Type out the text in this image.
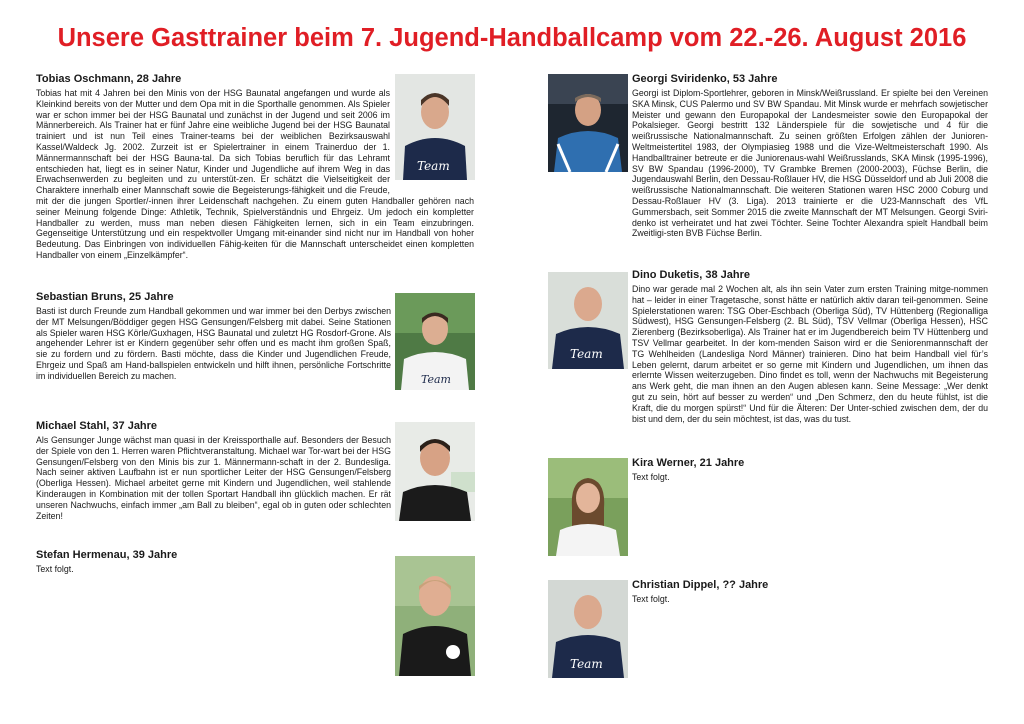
Unsere Gasttrainer beim 7. Jugend-Handballcamp vom 22.-26. August 2016

Tobias Oschmann, 28 Jahre

Tobias hat mit 4 Jahren bei den Minis von der HSG Baunatal angefangen und wurde als Kleinkind bereits von der Mutter und dem Opa mit in die Sporthalle genommen. Als Spieler war er schon immer bei der HSG Baunatal und zunächst in der Jugend und seit 2006 im Männerbereich. Als Trainer hat er fünf Jahre eine weibliche Jugend bei der HSG Baunatal trainiert und ist nun Teil eines Trainer-teams bei der weiblichen Bezirksauswahl Kassel/Waldeck Jg. 2002. Zurzeit ist er Spielertrainer in einem Trainerduo der 1. Männermannschaft bei der HSG Bauna-tal. Da sich Tobias beruflich für das Lehramt entschieden hat, liegt es in seiner Natur, Kinder und Jugendliche auf ihrem Weg in das Erwachsenwerden zu begleiten und zu unterstüt-zen. Er schätzt die Vielseitigkeit der Charaktere innerhalb einer Mannschaft sowie die Begeisterungs-fähigkeit und die Freude, mit der die jungen Sportler/-innen ihrer Leidenschaft nachgehen. Zu einem guten Handballer gehören nach seiner Meinung folgende Dinge: Athletik, Technik, Spielverständnis und Ehrgeiz. Um jedoch ein kompletter Handballer zu werden, muss man neben diesen Fähigkeiten lernen, sich in ein Team einzubringen. Gegenseitige Unterstützung und ein respektvoller Umgang mit-einander sind nicht nur im Handball von hoher Bedeutung. Das Einbringen von individuellen Fähig-keiten für die Mannschaft unterscheidet einen kompletten Handballer von einem „Einzelkämpfer“.

Team

Sebastian Bruns, 25 Jahre

Basti ist durch Freunde zum Handball gekommen und war immer bei den Derbys zwischen der MT Melsungen/Böddiger gegen HSG Gensungen/Felsberg mit dabei. Seine Stationen als Spieler waren HSG Körle/Guxhagen, HSG Baunatal und zuletzt HG Rosdorf-Grone. Als angehender Lehrer ist er Kindern gegenüber sehr offen und es macht ihm großen Spaß, sie zu fordern und zu fördern. Basti möchte, dass die Kinder und Jugendlichen Freude, Ehrgeiz und Spaß am Hand-ballspielen entwickeln und hilft ihnen, persönliche Fortschritte im individuellen Bereich zu machen.	Team

Michael Stahl, 37 Jahre

Als Gensunger Junge wächst man quasi in der Kreissporthalle auf. Besonders der Besuch der Spiele von den 1. Herren waren Pflichtveranstaltung. Michael war Tor-wart bei der HSG Gensungen/Felsberg von den Minis bis zur 1. Männermann-schaft in der 2. Bundesliga. Nach seiner aktiven Laufbahn ist er nun sportlicher Leiter der HSG Gensungen/Felsberg (Oberliga Hessen). Michael arbeitet gerne mit Kindern und Jugendlichen, weil stahlende Kinderaugen in Kombination mit der tollen Sportart Handball ihn glücklich machen. Er rät unseren Nachwuchs, einfach immer „am Ball zu bleiben“, egal ob in guten oder schlechten Zeiten!

Stefan Hermenau, 39 Jahre

Text folgt.

Georgi Sviridenko, 53 Jahre

Georgi ist Diplom-Sportlehrer, geboren in Minsk/Weißrussland. Er spielte bei den Vereinen SKA Minsk, CUS Palermo und SV BW Spandau. Mit Minsk wurde er mehrfach sowjetischer Meister und gewann den Europapokal der Landesmeister sowie den Europapokal der Pokalsieger. Georgi bestritt 132 Länderspiele für die sowjetische und 4 für die weißrussische Nationalmannschaft. Zu seinen größten Erfolgen zählen der Junioren-Weltmeistertitel 1983, der Olympiasieg 1988 und die Vize-Weltmeisterschaft 1990. Als Handballtrainer betreute er die Juniorenaus-wahl Weißrusslands, SKA Minsk (1995-1996), SV BW Spandau (1996-2000), TV Grambke Bremen (2000-2003), Füchse Berlin, die Jugendauswahl Berlin, den Dessau-Roßlauer HV, die HSG Düsseldorf und ab Juli 2008 die weißrussische Nationalmannschaft. Die weiteren Stationen waren HSC 2000 Coburg und Dessau-Roßlauer HV (3. Liga). 2013 trainierte er die U23-Mannschaft des VfL Gummersbach, seit Sommer 2015 die zweite Mannschaft der MT Melsungen. Georgi Sviri-denko ist verheiratet und hat zwei Töchter. Seine Tochter Alexandra spielt Handball beim Zweitligi-sten BVB Füchse Berlin.

Team

Dino Duketis, 38 Jahre

Dino war gerade mal 2 Wochen alt, als ihn sein Vater zum ersten Training mitge-nommen hat – leider in einer Tragetasche, sonst hätte er natürlich aktiv daran teil-genommen. Seine Spielerstationen waren: TSG Ober-Eschbach (Oberliga Süd), TV Hüttenberg (Regionalliga Südwest), HSG Gensungen-Felsberg (2. BL Süd), TSV Vellmar (Oberliga Hessen), HSC Zierenberg (Bezirksoberliga). Als Trainer hat er im Jugendbereich beim TV Hüttenberg und TSV Vellmar gearbeitet. In der kom-menden Saison wird er die Seniorenmannschaft der TG Wehlheiden (Landesliga Nord Männer) trainieren. Dino hat beim Handball viel für’s Leben gelernt, darum arbeitet er so gerne mit Kindern und Jugendlichen, um ihnen das erlernte Wissen weiterzugeben. Dino findet es toll, wenn der Nachwuchs mit Begeisterung ans Werk geht, die man ihnen an den Augen ablesen kann. Seine Message: „Wer denkt gut zu sein, hört auf besser zu werden“ und „Den Schmerz, den du heute fühlst, ist die Kraft, die du morgen spürst!“ Und für die Älteren: Der Unter-schied zwischen dem, der du bist und dem, der du sein möchtest, ist das, was du tust.

Kira Werner, 21 Jahre

Text folgt.

Team

Christian Dippel, ?? Jahre

Text folgt.
